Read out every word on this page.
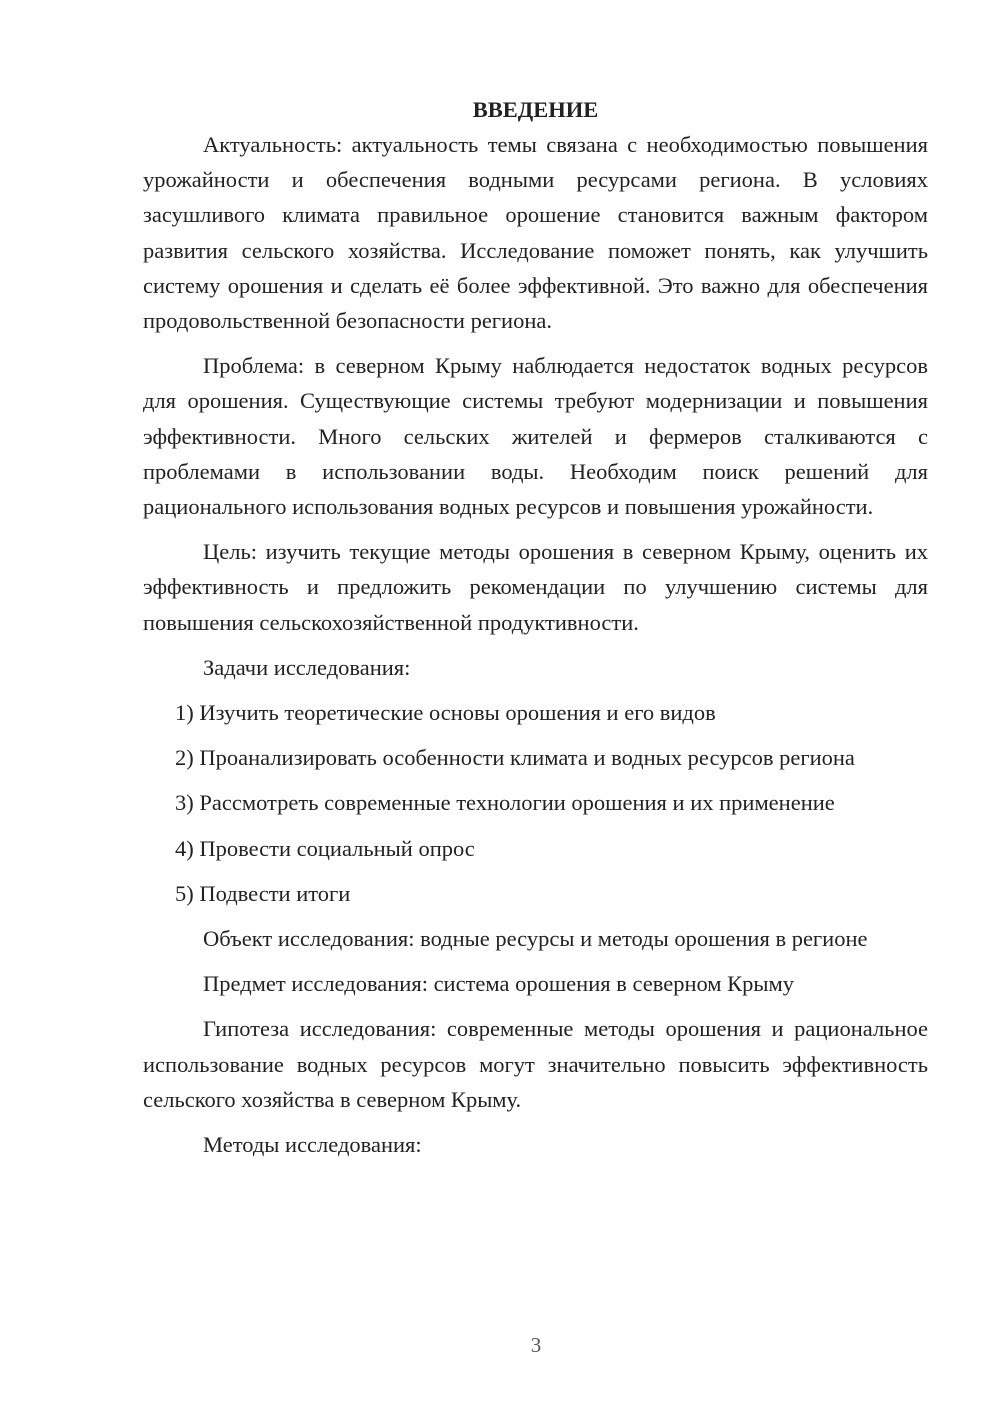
ВВЕДЕНИЕ
Актуальность: актуальность темы связана с необходимостью повышения урожайности и обеспечения водными ресурсами региона. В условиях засушливого климата правильное орошение становится важным фактором развития сельского хозяйства. Исследование поможет понять, как улучшить систему орошения и сделать её более эффективной. Это важно для обеспечения продовольственной безопасности региона.
Проблема: в северном Крыму наблюдается недостаток водных ресурсов для орошения. Существующие системы требуют модернизации и повышения эффективности. Много сельских жителей и фермеров сталкиваются с проблемами в использовании воды. Необходим поиск решений для рационального использования водных ресурсов и повышения урожайности.
Цель: изучить текущие методы орошения в северном Крыму, оценить их эффективность и предложить рекомендации по улучшению системы для повышения сельскохозяйственной продуктивности.
Задачи исследования:
1) Изучить теоретические основы орошения и его видов
2) Проанализировать особенности климата и водных ресурсов региона
3) Рассмотреть современные технологии орошения и их применение
4) Провести социальный опрос
5) Подвести итоги
Объект исследования: водные ресурсы и методы орошения в регионе
Предмет исследования: система орошения в северном Крыму
Гипотеза исследования: современные методы орошения и рациональное использование водных ресурсов могут значительно повысить эффективность сельского хозяйства в северном Крыму.
Методы исследования:
3
